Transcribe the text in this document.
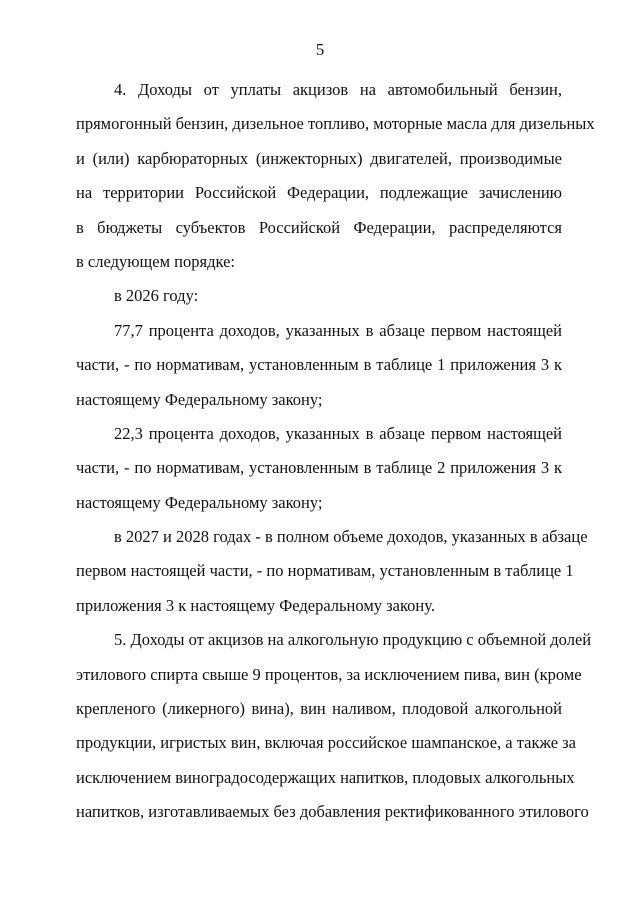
5
4. Доходы от уплаты акцизов на автомобильный бензин,
прямогонный бензин, дизельное топливо, моторные масла для дизельных
и (или) карбюраторных (инжекторных) двигателей, производимые
на территории Российской Федерации, подлежащие зачислению
в бюджеты субъектов Российской Федерации, распределяются
в следующем порядке:
в 2026 году:
77,7 процента доходов, указанных в абзаце первом настоящей
части, - по нормативам, установленным в таблице 1 приложения 3 к
настоящему Федеральному закону;
22,3 процента доходов, указанных в абзаце первом настоящей
части, - по нормативам, установленным в таблице 2 приложения 3 к
настоящему Федеральному закону;
в 2027 и 2028 годах - в полном объеме доходов, указанных в абзаце
первом настоящей части, - по нормативам, установленным в таблице 1
приложения 3 к настоящему Федеральному закону.
5. Доходы от акцизов на алкогольную продукцию с объемной долей
этилового спирта свыше 9 процентов, за исключением пива, вин (кроме
крепленого (ликерного) вина), вин наливом, плодовой алкогольной
продукции, игристых вин, включая российское шампанское, а также за
исключением виноградосодержащих напитков, плодовых алкогольных
напитков, изготавливаемых без добавления ректификованного этилового
